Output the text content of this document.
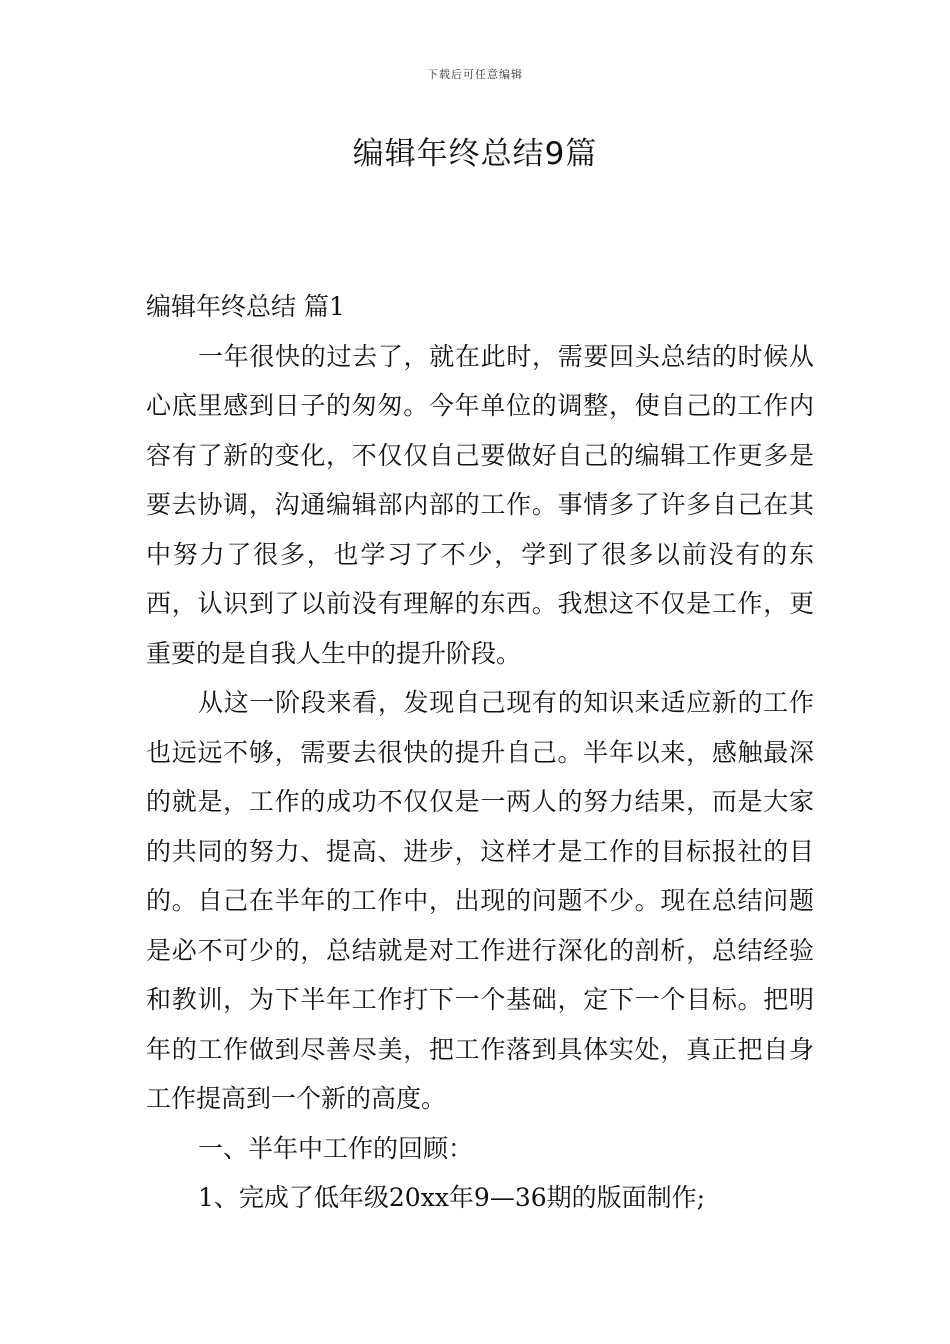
下载后可任意编辑
编辑年终总结9篇

编辑年终总结 篇1

一年很快的过去了，就在此时，需要回头总结的时候从心底里感到日子的匆匆。今年单位的调整，使自己的工作内容有了新的变化，不仅仅自己要做好自己的编辑工作更多是要去协调，沟通编辑部内部的工作。事情多了许多自己在其中努力了很多，也学习了不少，学到了很多以前没有的东西，认识到了以前没有理解的东西。我想这不仅是工作，更重要的是自我人生中的提升阶段。

从这一阶段来看，发现自己现有的知识来适应新的工作也远远不够，需要去很快的提升自己。半年以来，感触最深的就是，工作的成功不仅仅是一两人的努力结果，而是大家的共同的努力、提高、进步，这样才是工作的目标报社的目的。自己在半年的工作中，出现的问题不少。现在总结问题是必不可少的，总结就是对工作进行深化的剖析，总结经验和教训，为下半年工作打下一个基础，定下一个目标。把明年的工作做到尽善尽美，把工作落到具体实处，真正把自身工作提高到一个新的高度。

一、半年中工作的回顾：

1、完成了低年级20xx年9—36期的版面制作;
